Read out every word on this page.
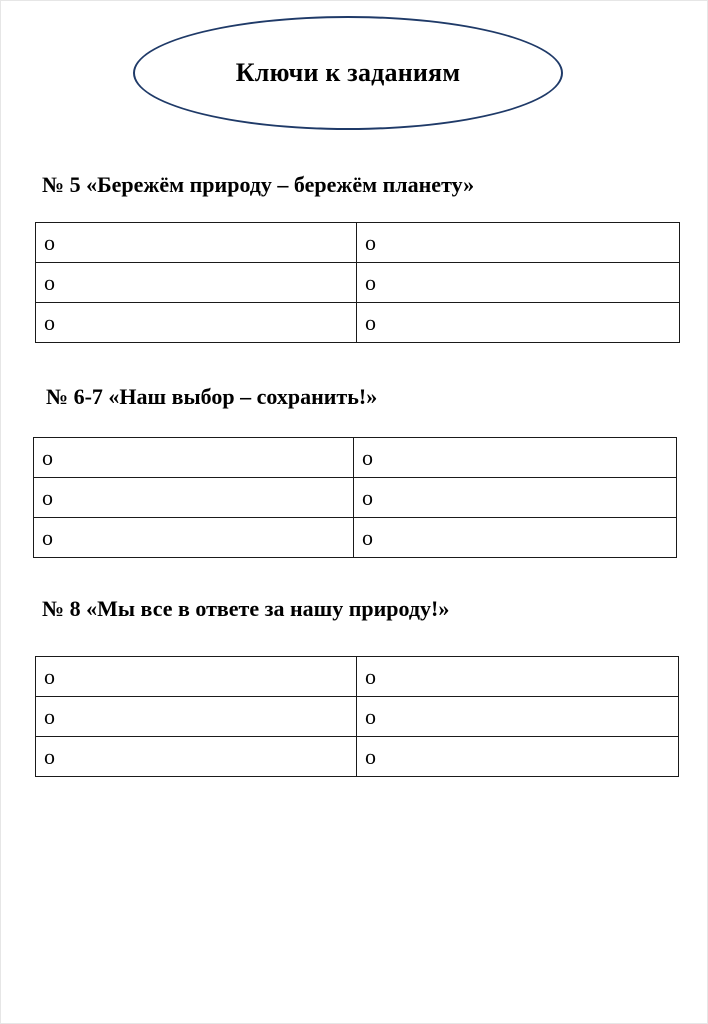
Ключи к заданиям
№ 5 «Бережём природу – бережём планету»
о	о
о	о
о	о
№ 6-7 «Наш выбор – сохранить!»
о	о
о	о
о	о
№ 8 «Мы все в ответе за нашу природу!»
о	о
о	о
о	о
